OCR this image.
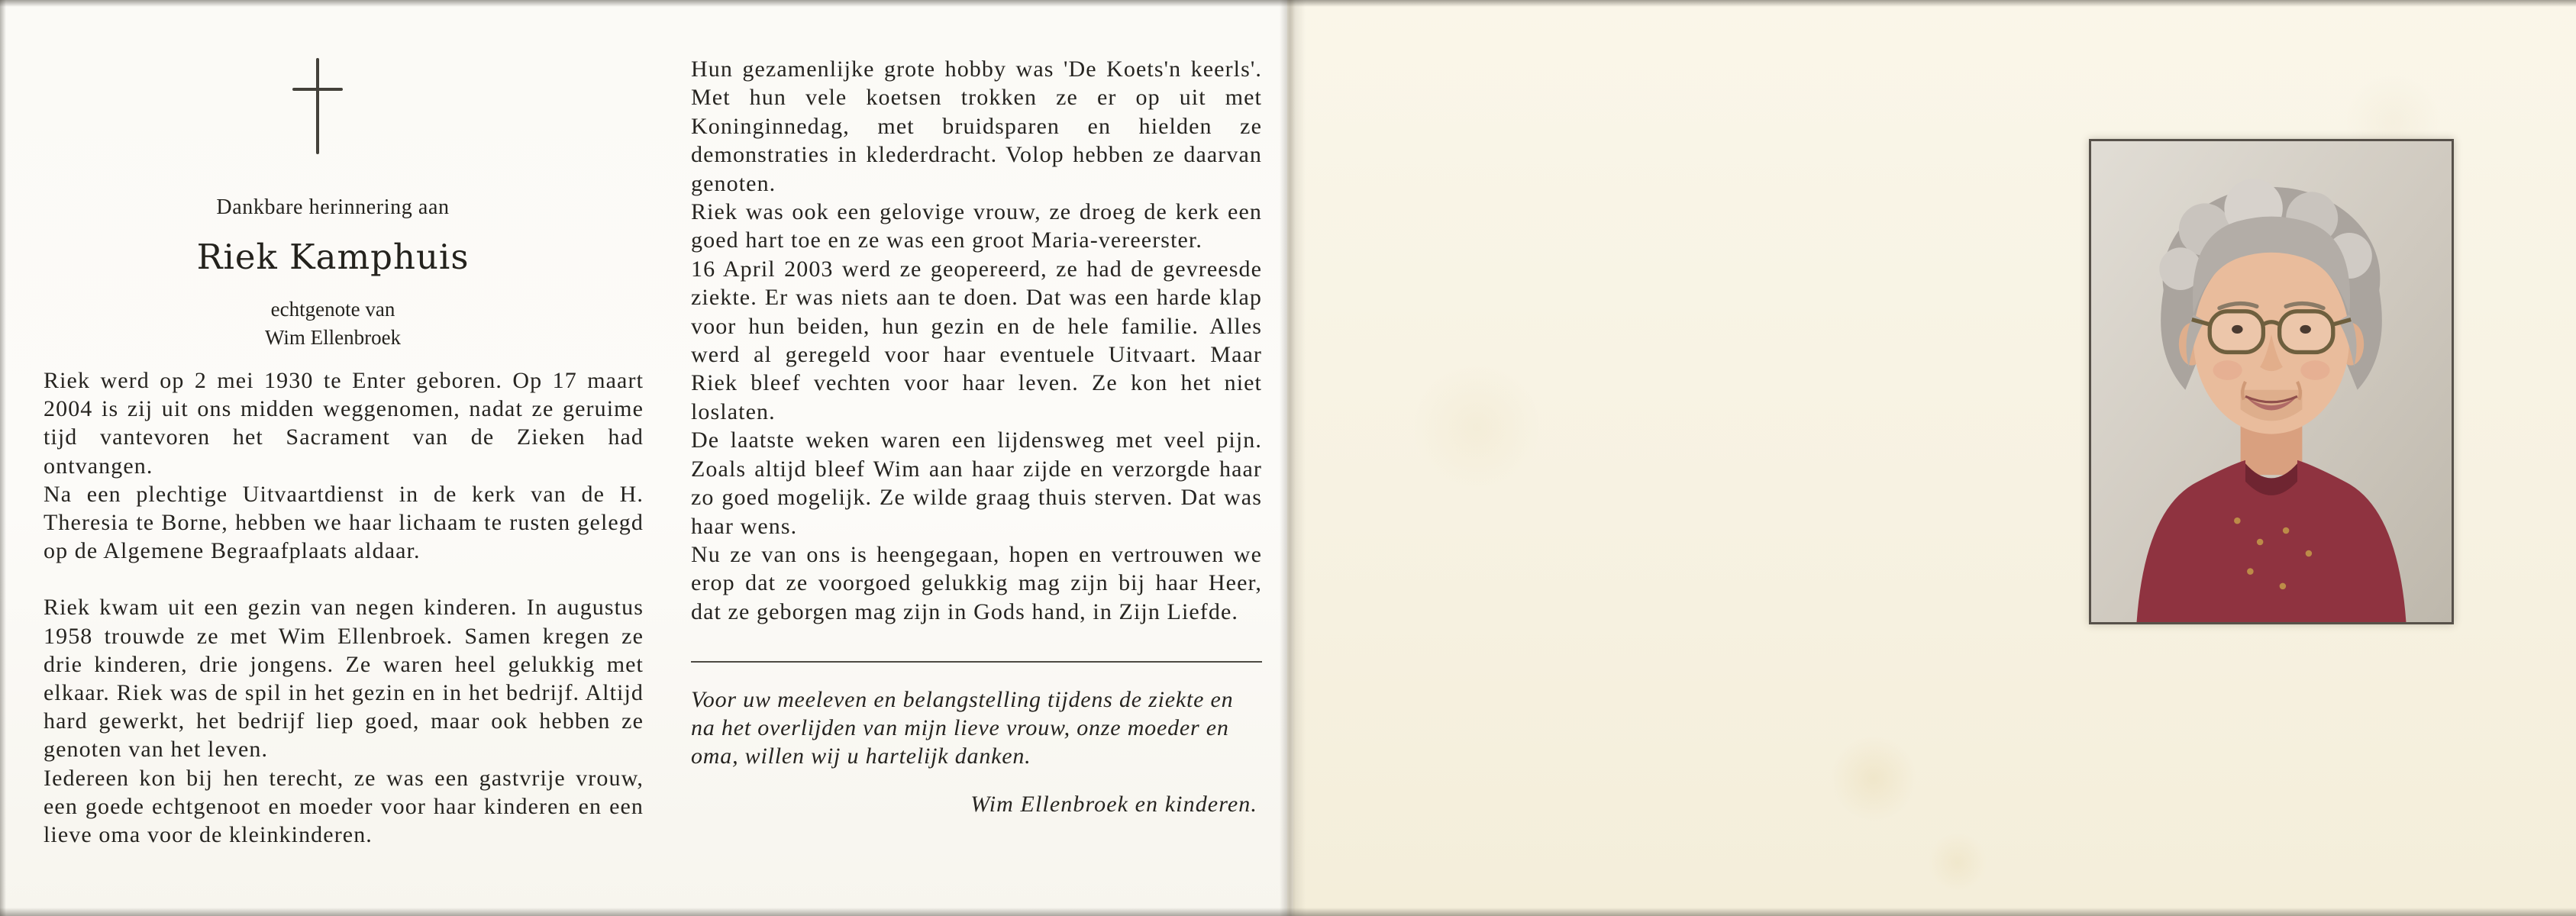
Dankbare herinnering aan
Riek Kamphuis
echtgenote van
Wim Ellenbroek

Riek werd op 2 mei 1930 te Enter geboren. Op 17 maart 2004 is zij uit ons midden weggenomen, nadat ze geruime tijd vantevoren het Sacrament van de Zieken had ontvangen.

Na een plechtige Uitvaartdienst in de kerk van de H. Theresia te Borne, hebben we haar lichaam te rusten gelegd op de Algemene Begraafplaats aldaar.

Riek kwam uit een gezin van negen kinderen. In augustus 1958 trouwde ze met Wim Ellenbroek. Samen kregen ze drie kinderen, drie jongens. Ze waren heel gelukkig met elkaar. Riek was de spil in het gezin en in het bedrijf. Altijd hard gewerkt, het bedrijf liep goed, maar ook hebben ze genoten van het leven.

Iedereen kon bij hen terecht, ze was een gastvrije vrouw, een goede echtgenoot en moeder voor haar kinderen en een lieve oma voor de kleinkinderen.

Hun gezamenlijke grote hobby was 'De Koets'n keerls'. Met hun vele koetsen trokken ze er op uit met Koninginnedag, met bruidsparen en hielden ze demonstraties in klederdracht. Volop hebben ze daarvan genoten.

Riek was ook een gelovige vrouw, ze droeg de kerk een goed hart toe en ze was een groot Maria-vereerster.

16 April 2003 werd ze geopereerd, ze had de gevreesde ziekte. Er was niets aan te doen. Dat was een harde klap voor hun beiden, hun gezin en de hele familie. Alles werd al geregeld voor haar eventuele Uitvaart. Maar Riek bleef vechten voor haar leven. Ze kon het niet loslaten.

De laatste weken waren een lijdensweg met veel pijn. Zoals altijd bleef Wim aan haar zijde en verzorgde haar zo goed mogelijk. Ze wilde graag thuis sterven. Dat was haar wens.

Nu ze van ons is heengegaan, hopen en vertrouwen we erop dat ze voorgoed gelukkig mag zijn bij haar Heer, dat ze geborgen mag zijn in Gods hand, in Zijn Liefde.

Voor uw meeleven en belangstelling tijdens de ziekte en na het overlijden van mijn lieve vrouw, onze moeder en oma, willen wij u hartelijk danken.

Wim Ellenbroek en kinderen.
